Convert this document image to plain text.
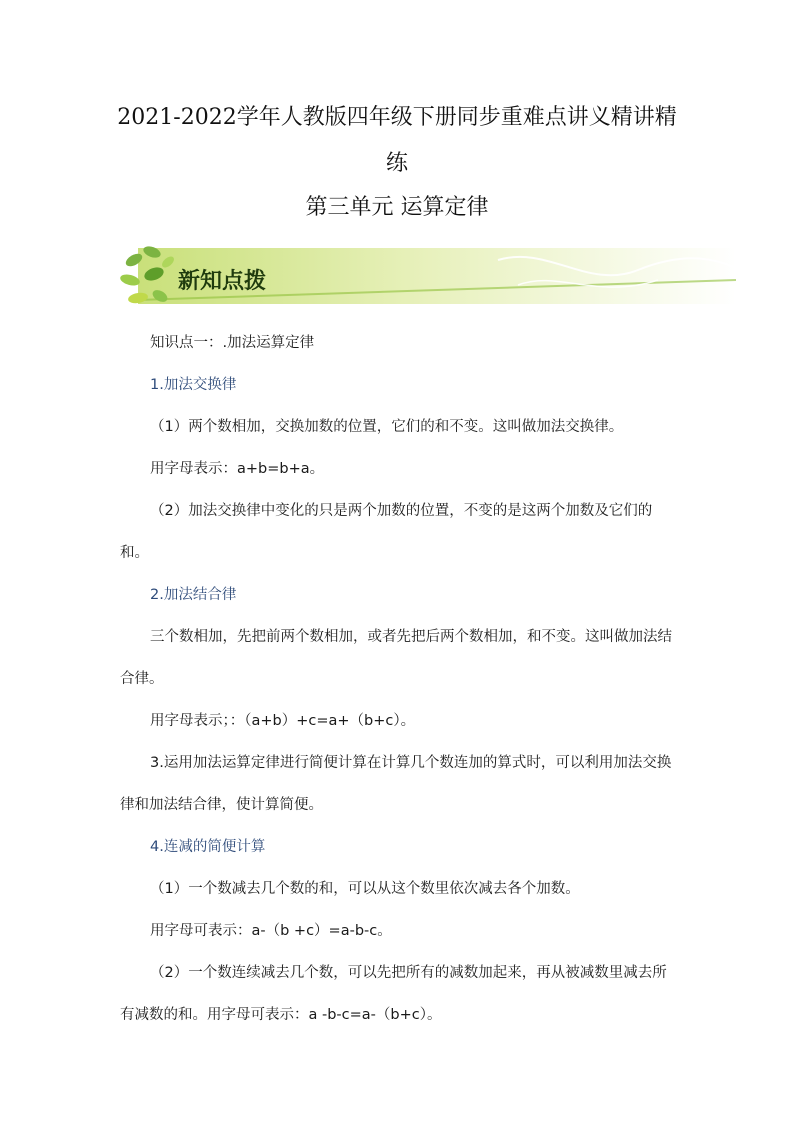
2021-2022学年人教版四年级下册同步重难点讲义精讲精练
第三单元 运算定律
新知点拨

知识点一：.加法运算定律

1.加法交换律

（1）两个数相加，交换加数的位置，它们的和不变。这叫做加法交换律。

用字母表示：a+b=b+a。

（2）加法交换律中变化的只是两个加数的位置，不变的是这两个加数及它们的和。

2.加法结合律

三个数相加，先把前两个数相加，或者先把后两个数相加，和不变。这叫做加法结合律。

用字母表示；：（a+b）+c=a+（b+c）。

3.运用加法运算定律进行简便计算在计算几个数连加的算式时，可以利用加法交换律和加法结合律，使计算简便。

4.连减的简便计算

（1）一个数减去几个数的和，可以从这个数里依次减去各个加数。

用字母可表示：a-（b +c）=a-b-c。

（2）一个数连续减去几个数，可以先把所有的减数加起来，再从被减数里减去所有减数的和。用字母可表示：a -b-c=a-（b+c）。
